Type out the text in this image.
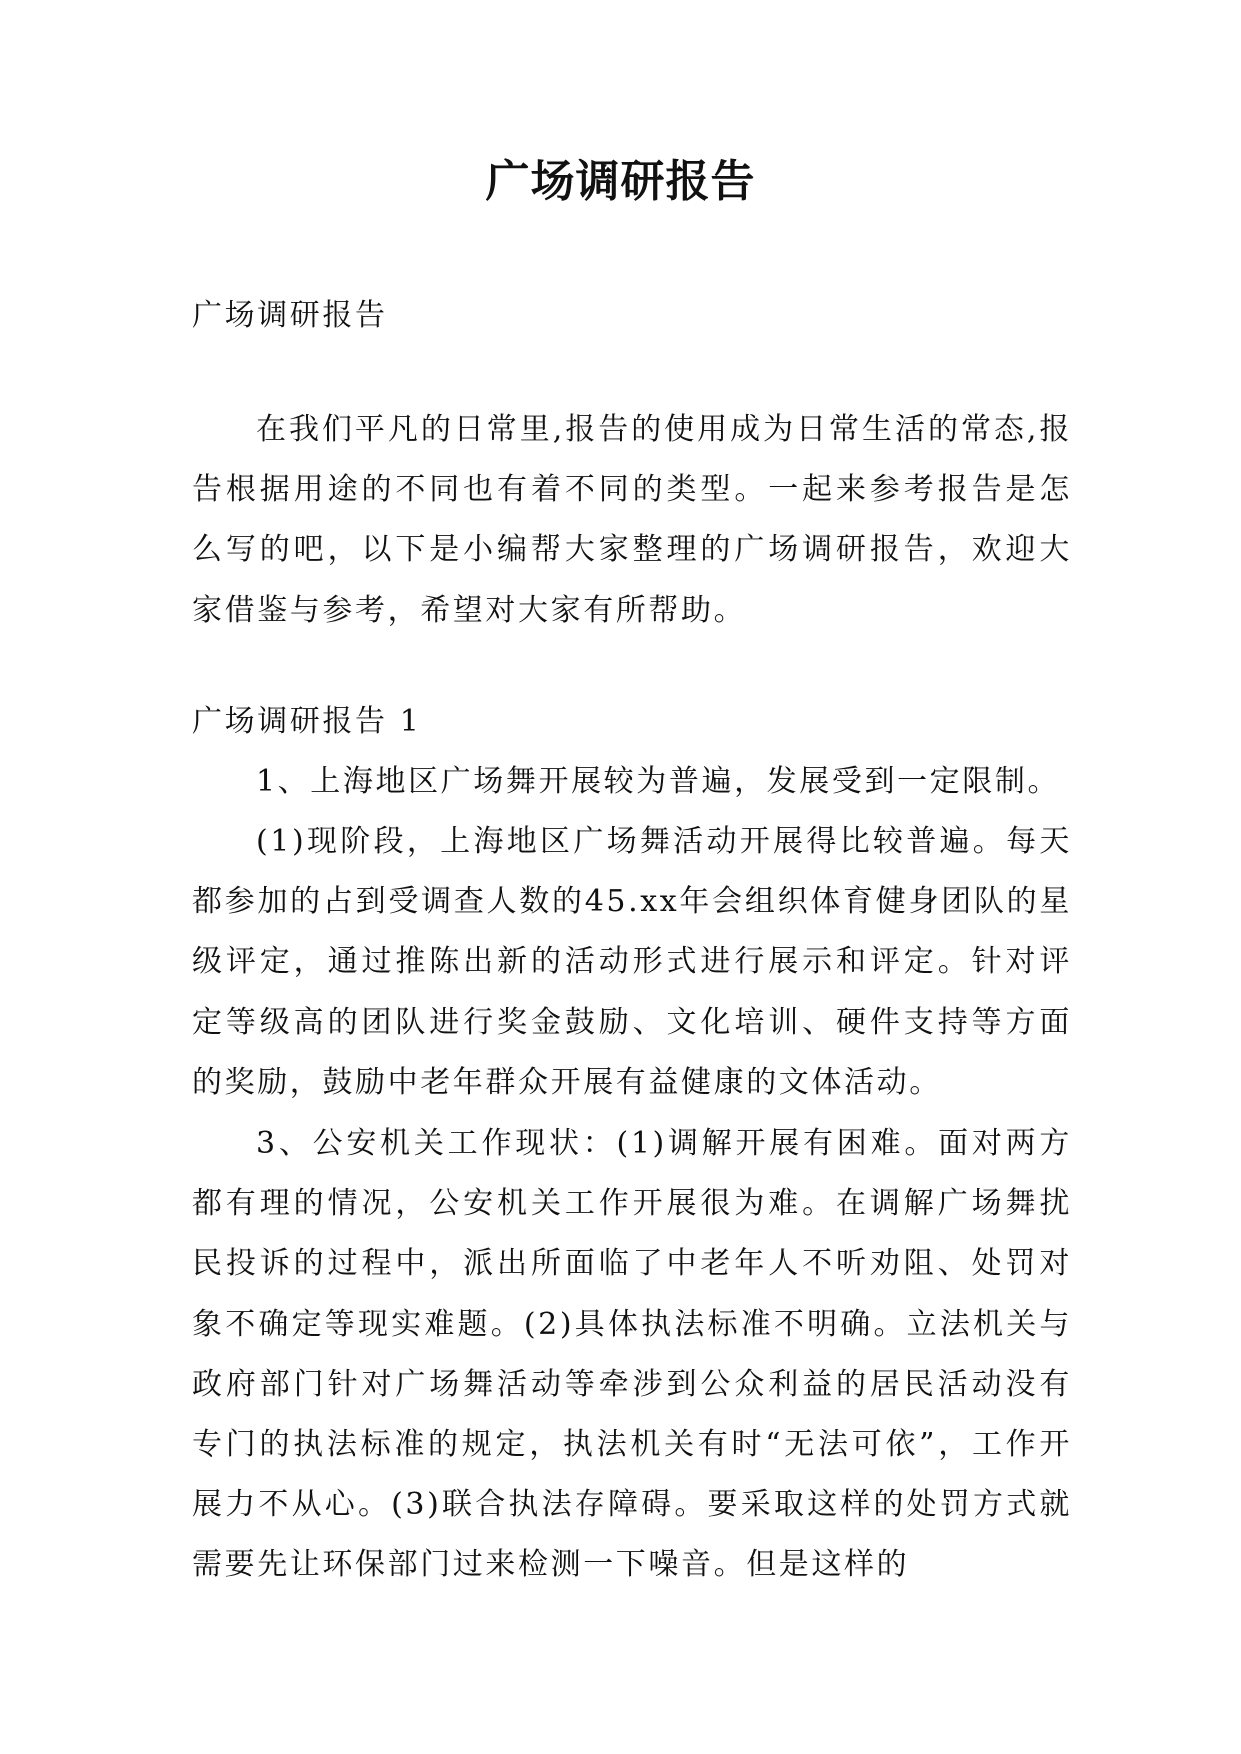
广场调研报告

广场调研报告

在我们平凡的日常里,报告的使用成为日常生活的常态,报告根据用途的不同也有着不同的类型。一起来参考报告是怎么写的吧，以下是小编帮大家整理的广场调研报告，欢迎大家借鉴与参考，希望对大家有所帮助。

广场调研报告 1

1、上海地区广场舞开展较为普遍，发展受到一定限制。

(1)现阶段，上海地区广场舞活动开展得比较普遍。每天都参加的占到受调查人数的45.xx年会组织体育健身团队的星级评定，通过推陈出新的活动形式进行展示和评定。针对评定等级高的团队进行奖金鼓励、文化培训、硬件支持等方面的奖励，鼓励中老年群众开展有益健康的文体活动。

3、公安机关工作现状：(1)调解开展有困难。面对两方都有理的情况，公安机关工作开展很为难。在调解广场舞扰民投诉的过程中，派出所面临了中老年人不听劝阻、处罚对象不确定等现实难题。(2)具体执法标准不明确。立法机关与政府部门针对广场舞活动等牵涉到公众利益的居民活动没有专门的执法标准的规定，执法机关有时“无法可依”，工作开展力不从心。(3)联合执法存障碍。要采取这样的处罚方式就需要先让环保部门过来检测一下噪音。但是这样的
